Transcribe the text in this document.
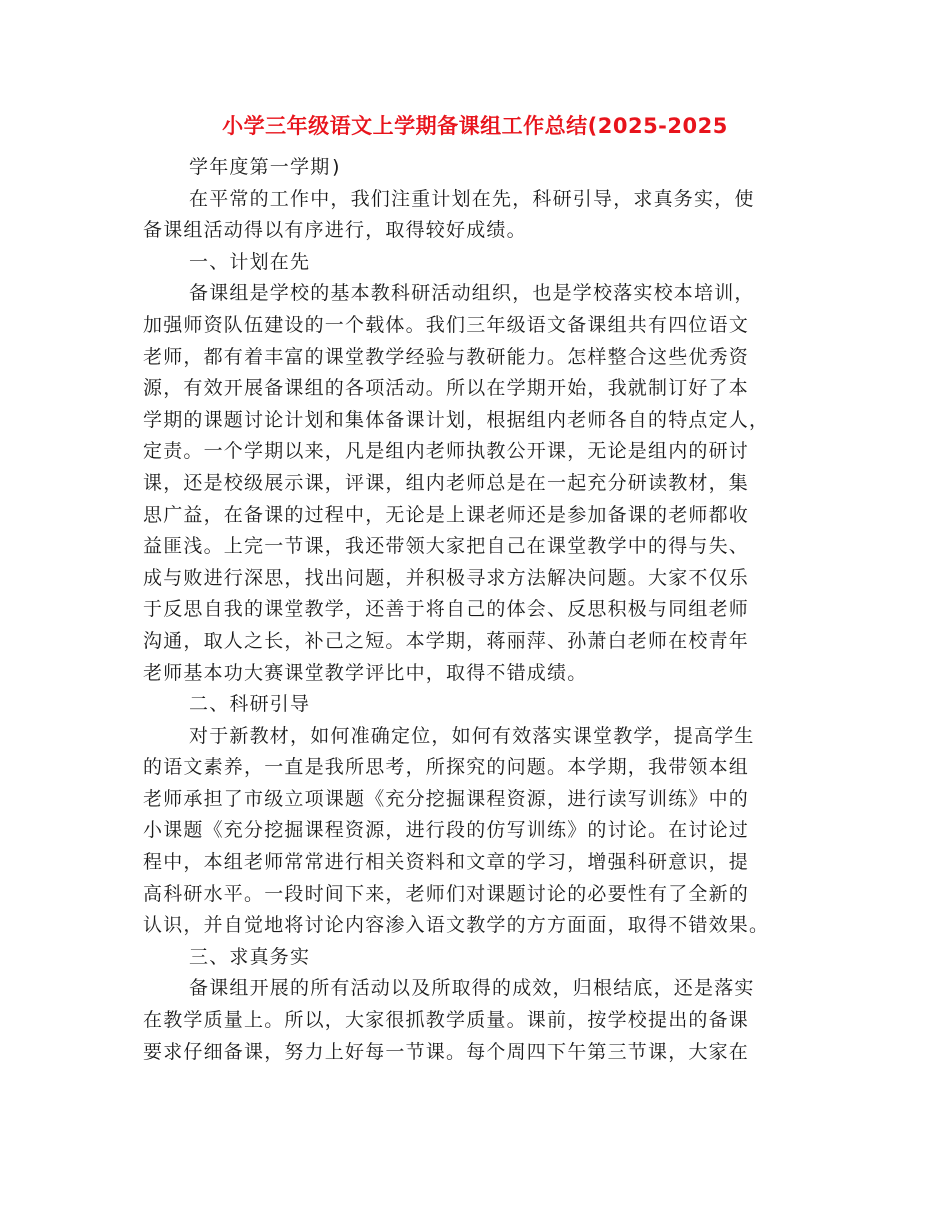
小学三年级语文上学期备课组工作总结(2025-2025
学年度第一学期)
在平常的工作中，我们注重计划在先，科研引导，求真务实，使
备课组活动得以有序进行，取得较好成绩。
一、计划在先
备课组是学校的基本教科研活动组织，也是学校落实校本培训，
加强师资队伍建设的一个载体。我们三年级语文备课组共有四位语文
老师，都有着丰富的课堂教学经验与教研能力。怎样整合这些优秀资
源，有效开展备课组的各项活动。所以在学期开始，我就制订好了本
学期的课题讨论计划和集体备课计划，根据组内老师各自的特点定人，
定责。一个学期以来，凡是组内老师执教公开课，无论是组内的研讨
课，还是校级展示课，评课，组内老师总是在一起充分研读教材，集
思广益，在备课的过程中，无论是上课老师还是参加备课的老师都收
益匪浅。上完一节课，我还带领大家把自己在课堂教学中的得与失、
成与败进行深思，找出问题，并积极寻求方法解决问题。大家不仅乐
于反思自我的课堂教学，还善于将自己的体会、反思积极与同组老师
沟通，取人之长，补己之短。本学期，蒋丽萍、孙萧白老师在校青年
老师基本功大赛课堂教学评比中，取得不错成绩。
二、科研引导
对于新教材，如何准确定位，如何有效落实课堂教学，提高学生
的语文素养，一直是我所思考，所探究的问题。本学期，我带领本组
老师承担了市级立项课题《充分挖掘课程资源，进行读写训练》中的
小课题《充分挖掘课程资源，进行段的仿写训练》的讨论。在讨论过
程中，本组老师常常进行相关资料和文章的学习，增强科研意识，提
高科研水平。一段时间下来，老师们对课题讨论的必要性有了全新的
认识，并自觉地将讨论内容渗入语文教学的方方面面，取得不错效果。
三、求真务实
备课组开展的所有活动以及所取得的成效，归根结底，还是落实
在教学质量上。所以，大家很抓教学质量。课前，按学校提出的备课
要求仔细备课，努力上好每一节课。每个周四下午第三节课，大家在
